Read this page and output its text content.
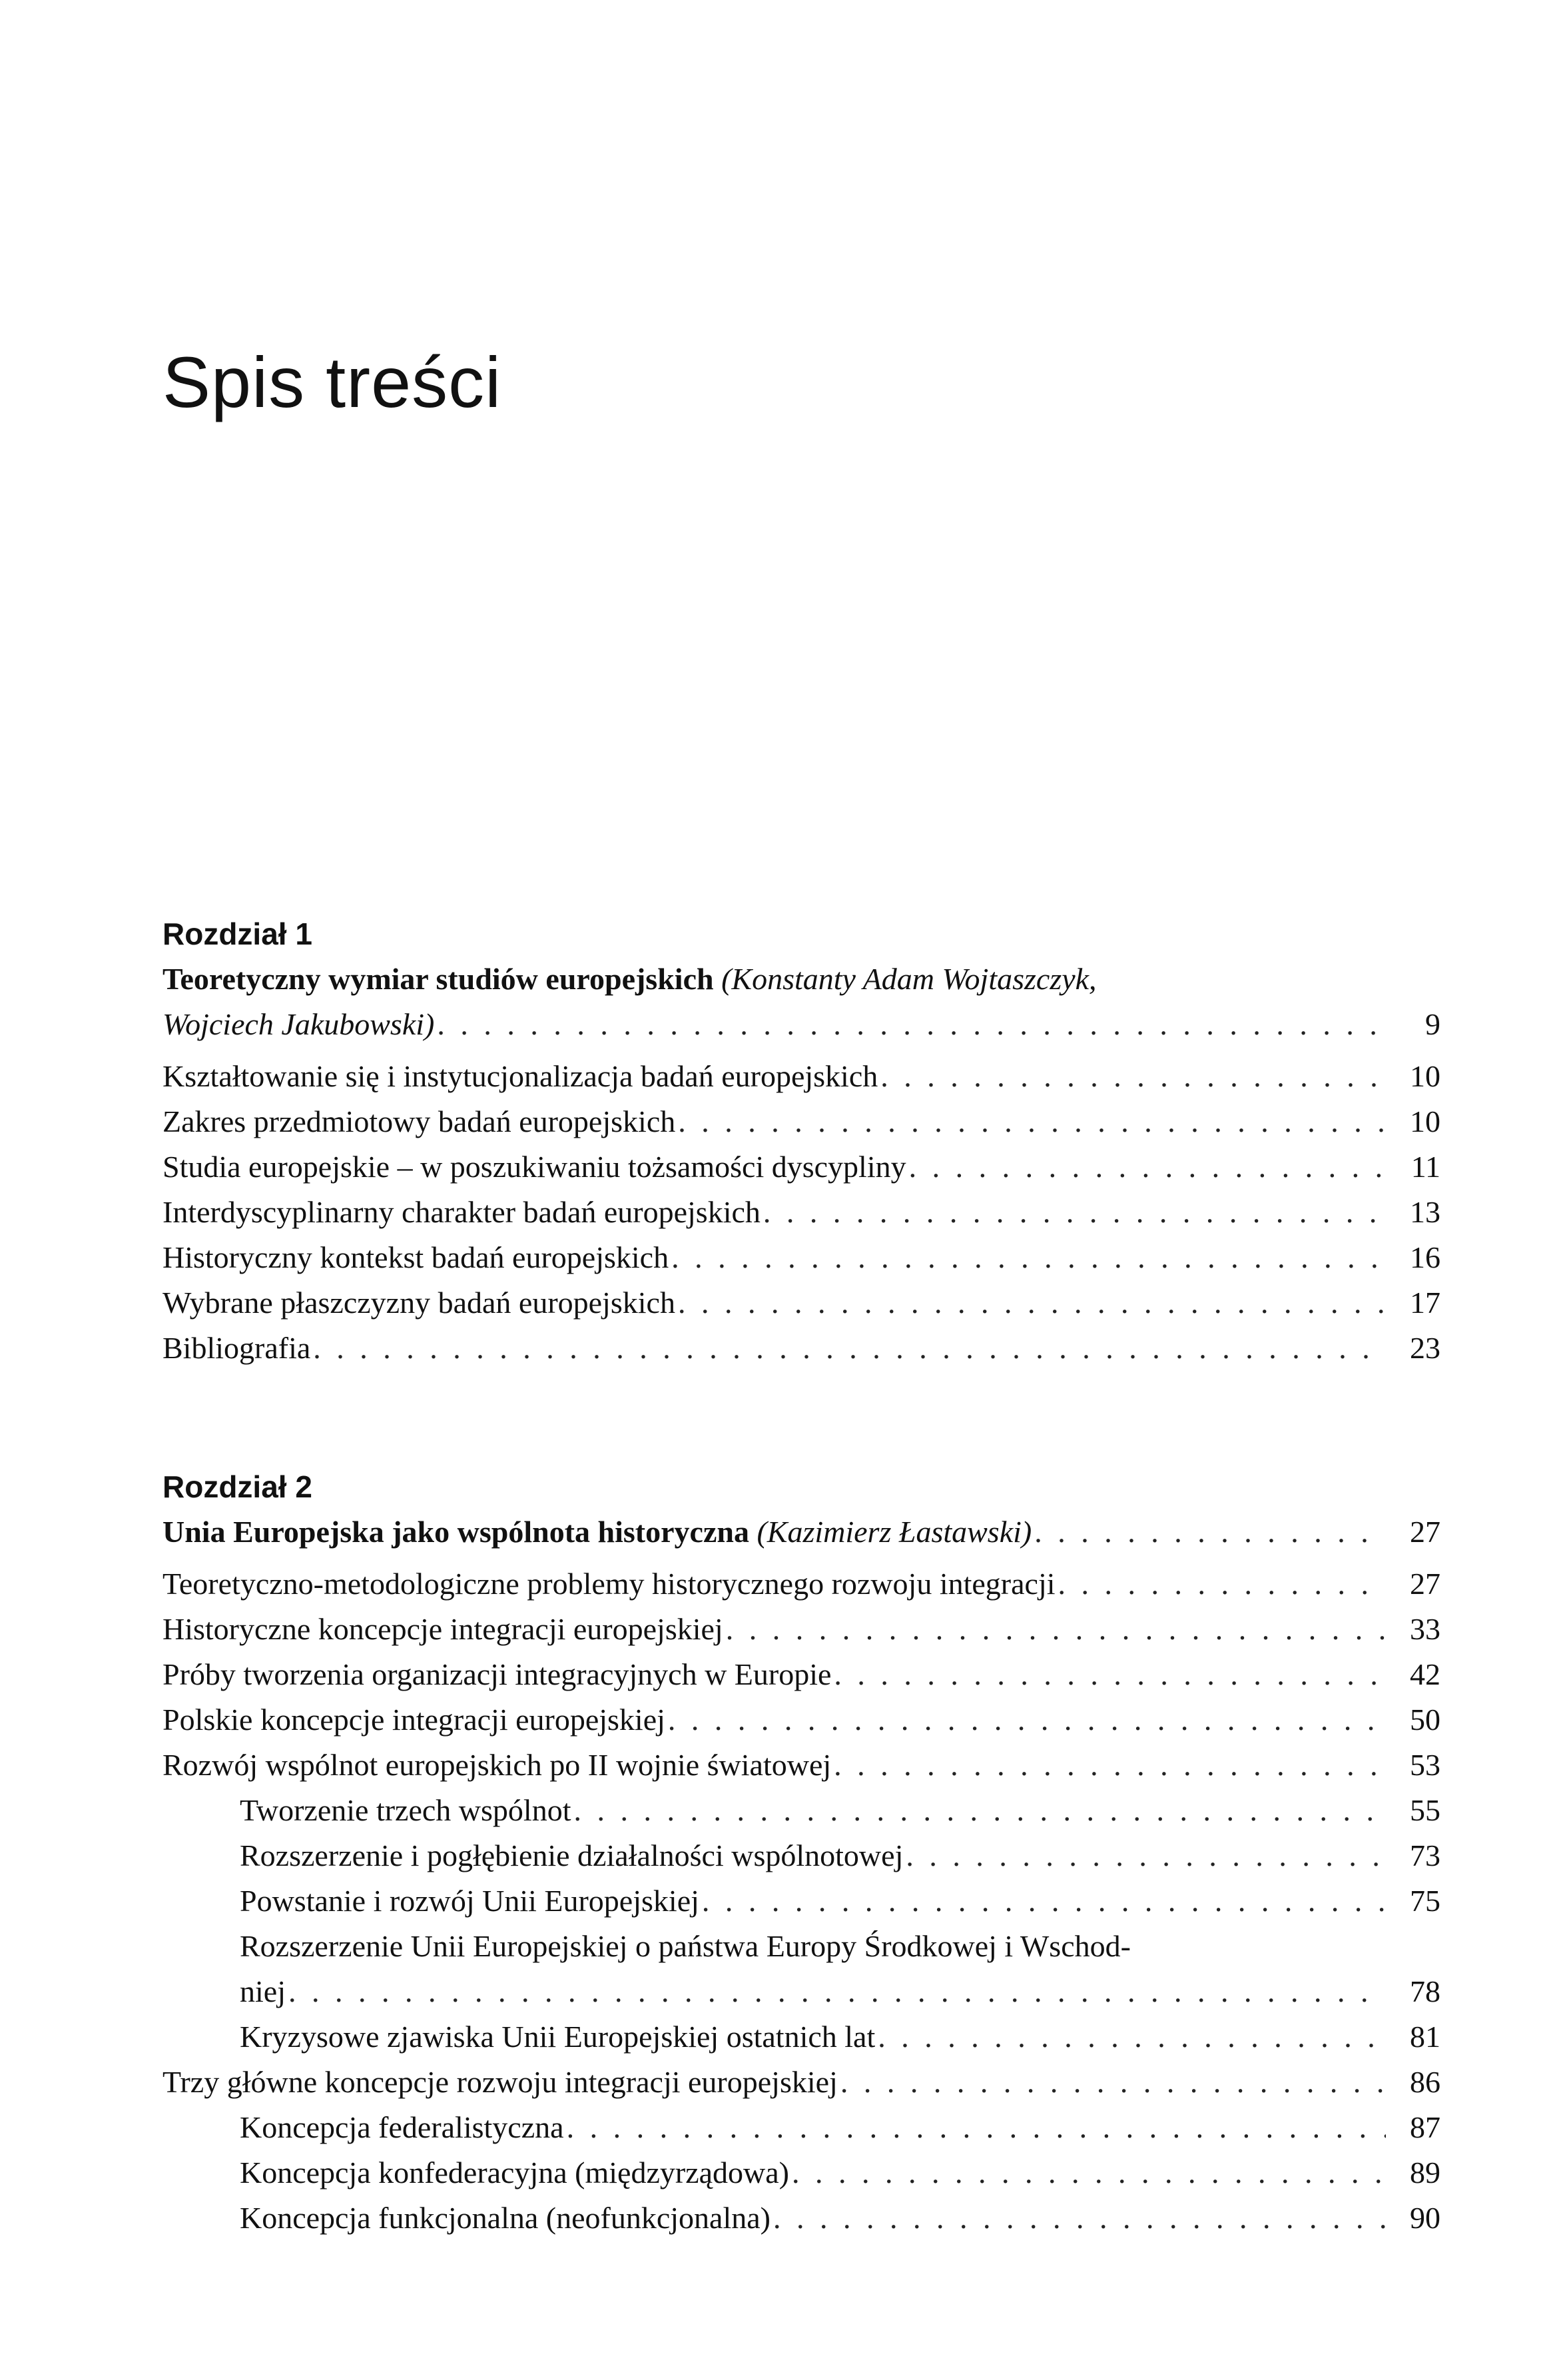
Spis treści
Rozdział 1
Teoretyczny wymiar studiów europejskich (Konstanty Adam Wojtaszczyk,
Wojciech Jakubowski) . . .	9
Kształtowanie się i instytucjonalizacja badań europejskich . . .	10
Zakres przedmiotowy badań europejskich . . .	10
Studia europejskie – w poszukiwaniu tożsamości dyscypliny . . .	11
Interdyscyplinarny charakter badań europejskich . . .	13
Historyczny kontekst badań europejskich . . .	16
Wybrane płaszczyzny badań europejskich . . .	17
Bibliografia . . .	23
Rozdział 2
Unia Europejska jako wspólnota historyczna (Kazimierz Łastawski) . . .	27
Teoretyczno-metodologiczne problemy historycznego rozwoju integracji . . .	27
Historyczne koncepcje integracji europejskiej . . .	33
Próby tworzenia organizacji integracyjnych w Europie . . .	42
Polskie koncepcje integracji europejskiej . . .	50
Rozwój wspólnot europejskich po II wojnie światowej . . .	53
Tworzenie trzech wspólnot . . .	55
Rozszerzenie i pogłębienie działalności wspólnotowej . . .	73
Powstanie i rozwój Unii Europejskiej . . .	75
Rozszerzenie Unii Europejskiej o państwa Europy Środkowej i Wschod-
niej . . .	78
Kryzysowe zjawiska Unii Europejskiej ostatnich lat . . .	81
Trzy główne koncepcje rozwoju integracji europejskiej . . .	86
Koncepcja federalistyczna . . .	87
Koncepcja konfederacyjna (międzyrządowa) . . .	89
Koncepcja funkcjonalna (neofunkcjonalna) . . .	90
